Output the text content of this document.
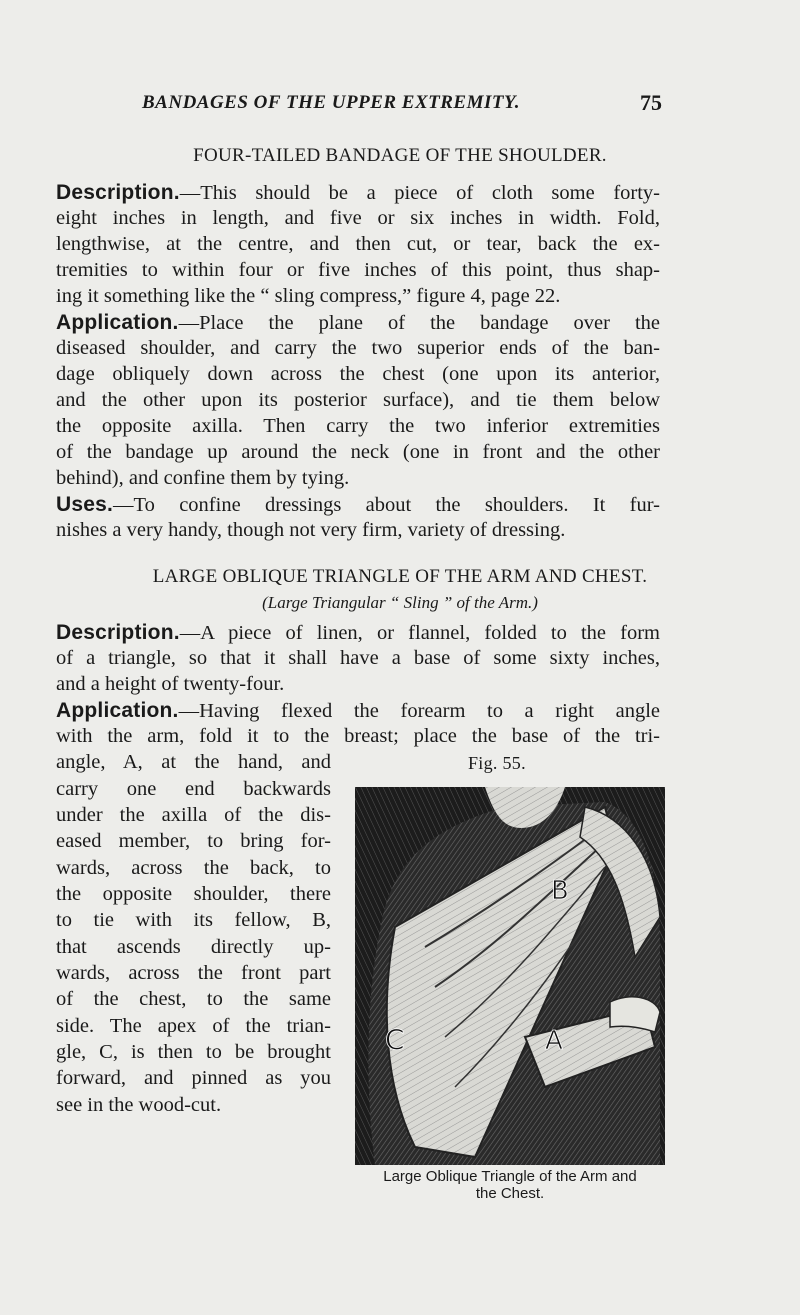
BANDAGES OF THE UPPER EXTREMITY.	75
FOUR-TAILED BANDAGE OF THE SHOULDER.
Description.—This should be a piece of cloth some forty-
eight inches in length, and five or six inches in width. Fold,
lengthwise, at the centre, and then cut, or tear, back the ex-
tremities to within four or five inches of this point, thus shap-
ing it something like the “ sling compress,” figure 4, page 22.
Application.—Place the plane of the bandage over the
diseased shoulder, and carry the two superior ends of the ban-
dage obliquely down across the chest (one upon its anterior,
and the other upon its posterior surface), and tie them below
the opposite axilla. Then carry the two inferior extremities
of the bandage up around the neck (one in front and the other
behind), and confine them by tying.
Uses.—To confine dressings about the shoulders. It fur-
nishes a very handy, though not very firm, variety of dressing.
LARGE OBLIQUE TRIANGLE OF THE ARM AND CHEST.
(Large Triangular “ Sling ” of the Arm.)
Description.—A piece of linen, or flannel, folded to the form
of a triangle, so that it shall have a base of some sixty inches,
and a height of twenty-four.
Application.—Having flexed the forearm to a right angle
with the arm, fold it to the breast; place the base of the tri-
angle, A, at the hand, and
carry one end backwards
under the axilla of the dis-
eased member, to bring for-
wards, across the back, to
the opposite shoulder, there
to tie with its fellow, B,
that ascends directly up-
wards, across the front part
of the chest, to the same
side. The apex of the trian-
gle, C, is then to be brought
forward, and pinned as you
see in the wood-cut.
Fig. 55.
B
C	A
Large Oblique Triangle of the Arm and
the Chest.
